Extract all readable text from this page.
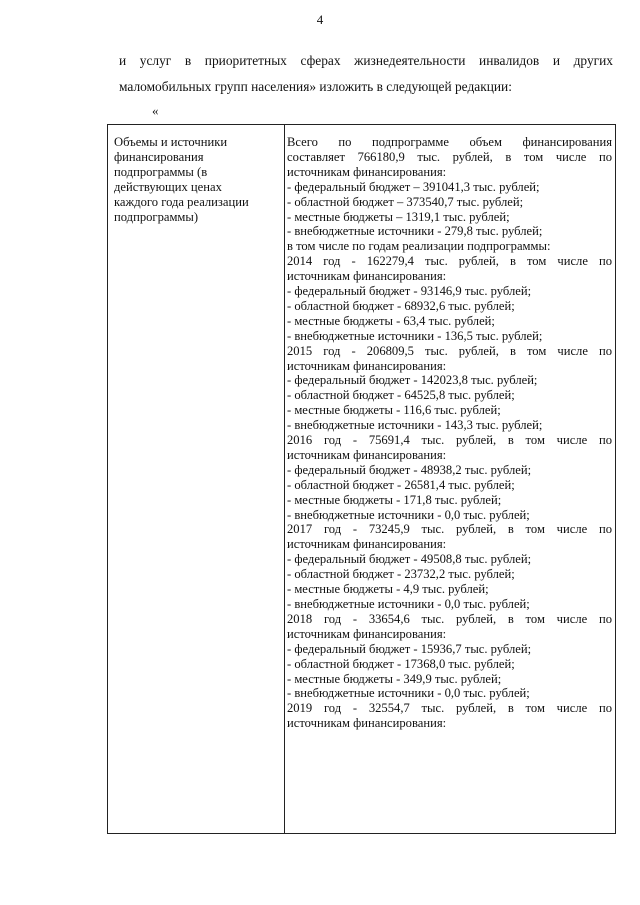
4
и услуг в приоритетных сферах жизнедеятельности инвалидов и других
маломобильных групп населения» изложить в следующей редакции:
«
Объемы и источники
финансирования
подпрограммы (в
действующих ценах
каждого года реализации
подпрограммы)
Всего по подпрограмме объем финансирования
составляет 766180,9 тыс. рублей, в том числе по
источникам финансирования:
- федеральный бюджет – 391041,3 тыс. рублей;
- областной бюджет – 373540,7 тыс. рублей;
- местные бюджеты – 1319,1 тыс. рублей;
- внебюджетные источники - 279,8 тыс. рублей;
в том числе по годам реализации подпрограммы:
2014 год - 162279,4 тыс. рублей, в том числе по
источникам финансирования:
- федеральный бюджет - 93146,9 тыс. рублей;
- областной бюджет - 68932,6 тыс. рублей;
- местные бюджеты - 63,4 тыс. рублей;
- внебюджетные источники - 136,5 тыс. рублей;
2015 год - 206809,5 тыс. рублей, в том числе по
источникам финансирования:
- федеральный бюджет - 142023,8 тыс. рублей;
- областной бюджет - 64525,8 тыс. рублей;
- местные бюджеты - 116,6 тыс. рублей;
- внебюджетные источники - 143,3 тыс. рублей;
2016 год - 75691,4 тыс. рублей, в том числе по
источникам финансирования:
- федеральный бюджет - 48938,2 тыс. рублей;
- областной бюджет - 26581,4 тыс. рублей;
- местные бюджеты - 171,8 тыс. рублей;
- внебюджетные источники - 0,0 тыс. рублей;
2017 год - 73245,9 тыс. рублей, в том числе по
источникам финансирования:
- федеральный бюджет - 49508,8 тыс. рублей;
- областной бюджет - 23732,2 тыс. рублей;
- местные бюджеты - 4,9 тыс. рублей;
- внебюджетные источники - 0,0 тыс. рублей;
2018 год - 33654,6 тыс. рублей, в том числе по
источникам финансирования:
- федеральный бюджет - 15936,7 тыс. рублей;
- областной бюджет - 17368,0 тыс. рублей;
- местные бюджеты - 349,9 тыс. рублей;
- внебюджетные источники - 0,0 тыс. рублей;
2019 год - 32554,7 тыс. рублей, в том числе по
источникам финансирования:
